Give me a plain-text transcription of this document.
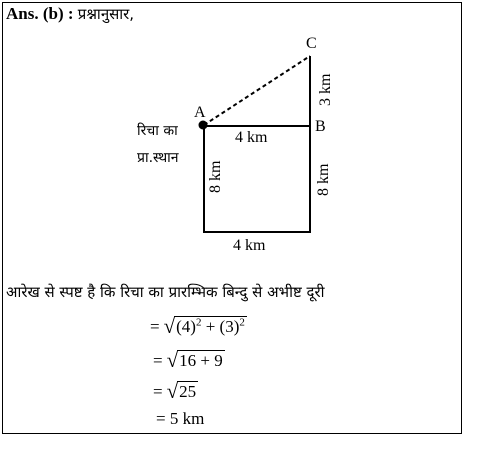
Ans. (b) : प्रश्नानुसार,
C
A
B
रिचा का
प्रा.स्थान
4 km
4 km
3 km
8 km	8 km
आरेख से स्पष्ट है कि रिचा का प्रारम्भिक बिन्दु से अभीष्ट दूरी
= √ $(4)^2 + (3)^2$
= √ 16 + 9
= √ 25
= 5 km
